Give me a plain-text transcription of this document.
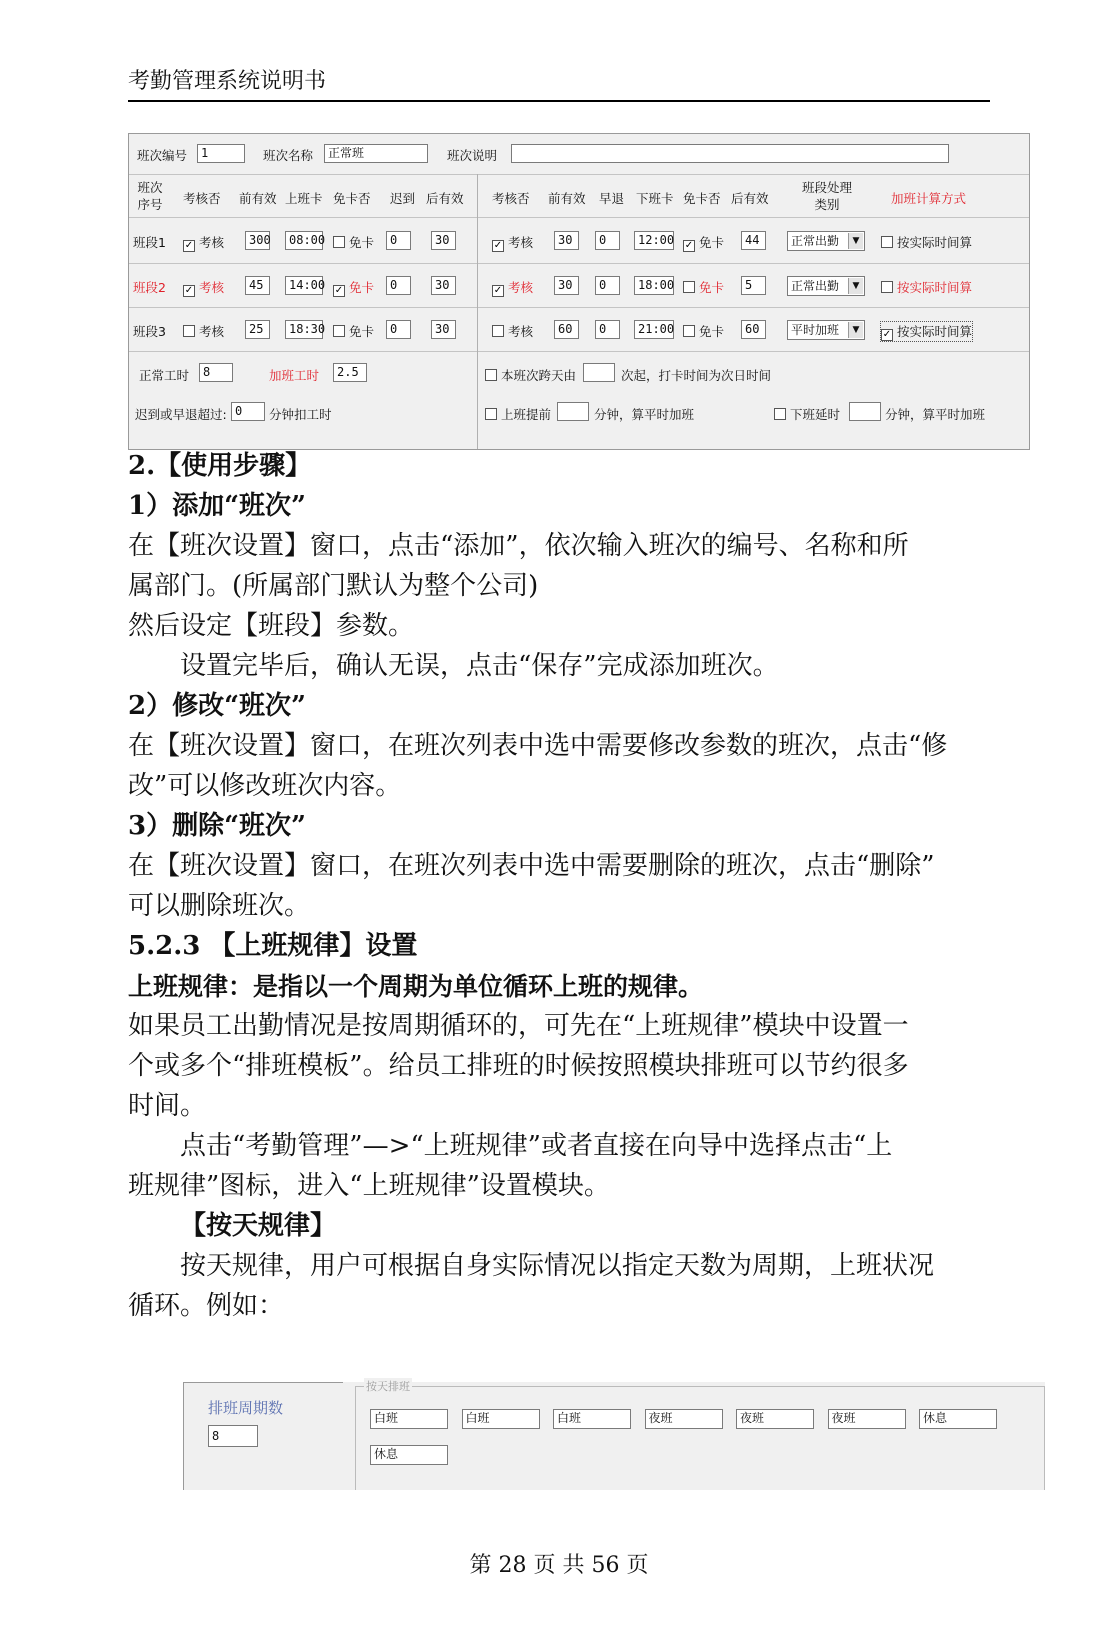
考勤管理系统说明书
班次编号	1	班次名称	正常班	班次说明
班次序号 考核否 前有效 上班卡 免卡否 迟到 后有效 考核否 前有效 早退 下班卡 免卡否 后有效
班段处理类别	加班计算方式
班段1 ✓ 考核	300	08:00	免卡	0	30	✓ 考核	30	0	12:00 ✓ 免卡	44	正常出勤	▼	按实际时间算
班段2 ✓ 考核	45	14:00 ✓ 免卡	0	30	✓ 考核	30	0	18:00	免卡	5	正常出勤	▼	按实际时间算
班段3	考核	25	18:30	免卡	0	30	考核	60	0	21:00	免卡	60	平时加班	▼	✓ 按实际时间算
正常工时	8	加班工时	2.5	本班次跨天由	次起，打卡时间为次日时间
迟到或早退超过: 0	分钟扣工时	上班提前	分钟，算平时加班	下班延时	分钟，算平时加班
2.【使用步骤】
1）添加“班次”
在【班次设置】窗口，点击“添加”，依次输入班次的编号、名称和所
属部门。(所属部门默认为整个公司)
然后设定【班段】参数。
设置完毕后，确认无误，点击“保存”完成添加班次。
2）修改“班次”
在【班次设置】窗口，在班次列表中选中需要修改参数的班次，点击“修
改”可以修改班次内容。
3）删除“班次”
在【班次设置】窗口，在班次列表中选中需要删除的班次，点击“删除”
可以删除班次。
5.2.3 【上班规律】设置
上班规律：是指以一个周期为单位循环上班的规律。
如果员工出勤情况是按周期循环的，可先在“上班规律”模块中设置一
个或多个“排班模板”。给员工排班的时候按照模块排班可以节约很多
时间。
点击“考勤管理”—>“上班规律”或者直接在向导中选择点击“上
班规律”图标，进入“上班规律”设置模块。
【按天规律】
按天规律，用户可根据自身实际情况以指定天数为周期，上班状况
循环。例如：
排班周期数
8
按天排班
白班	白班	白班	夜班	夜班	夜班	休息
休息
第 28 页 共 56 页
